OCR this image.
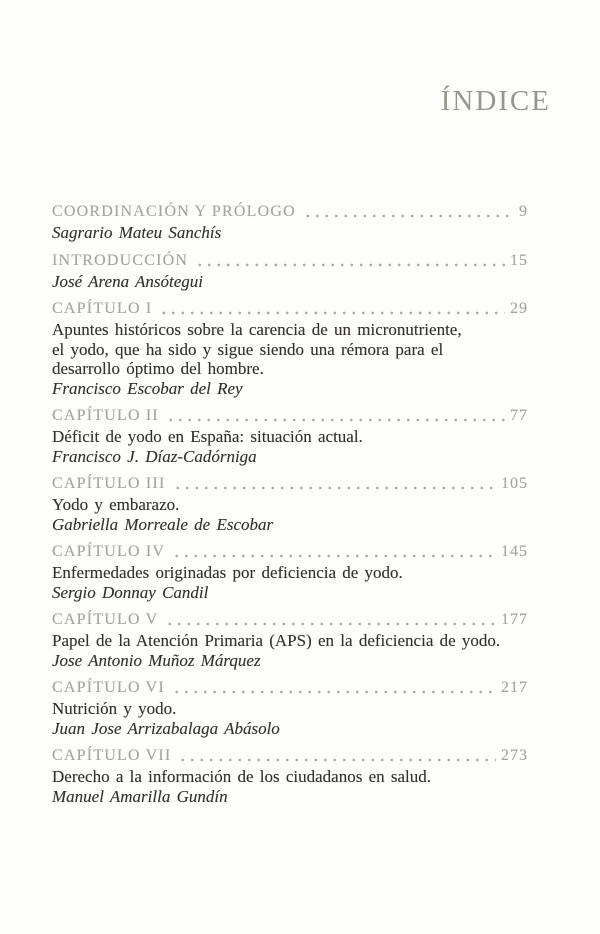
ÍNDICE
COORDINACIÓN Y PRÓLOGO	9
Sagrario Mateu Sanchís
INTRODUCCIÓN	15
José Arena Ansótegui
CAPÍTULO I	29
Apuntes históricos sobre la carencia de un micronutriente,
el yodo, que ha sido y sigue siendo una rémora para el
desarrollo óptimo del hombre.
Francisco Escobar del Rey
CAPÍTULO II	77
Déficit de yodo en España: situación actual.
Francisco J. Díaz-Cadórniga
CAPÍTULO III	105
Yodo y embarazo.
Gabriella Morreale de Escobar
CAPÍTULO IV	145
Enfermedades originadas por deficiencia de yodo.
Sergio Donnay Candil
CAPÍTULO V	177
Papel de la Atención Primaria (APS) en la deficiencia de yodo.
Jose Antonio Muñoz Márquez
CAPÍTULO VI	217
Nutrición y yodo.
Juan Jose Arrizabalaga Abásolo
CAPÍTULO VII	273
Derecho a la información de los ciudadanos en salud.
Manuel Amarilla Gundín
